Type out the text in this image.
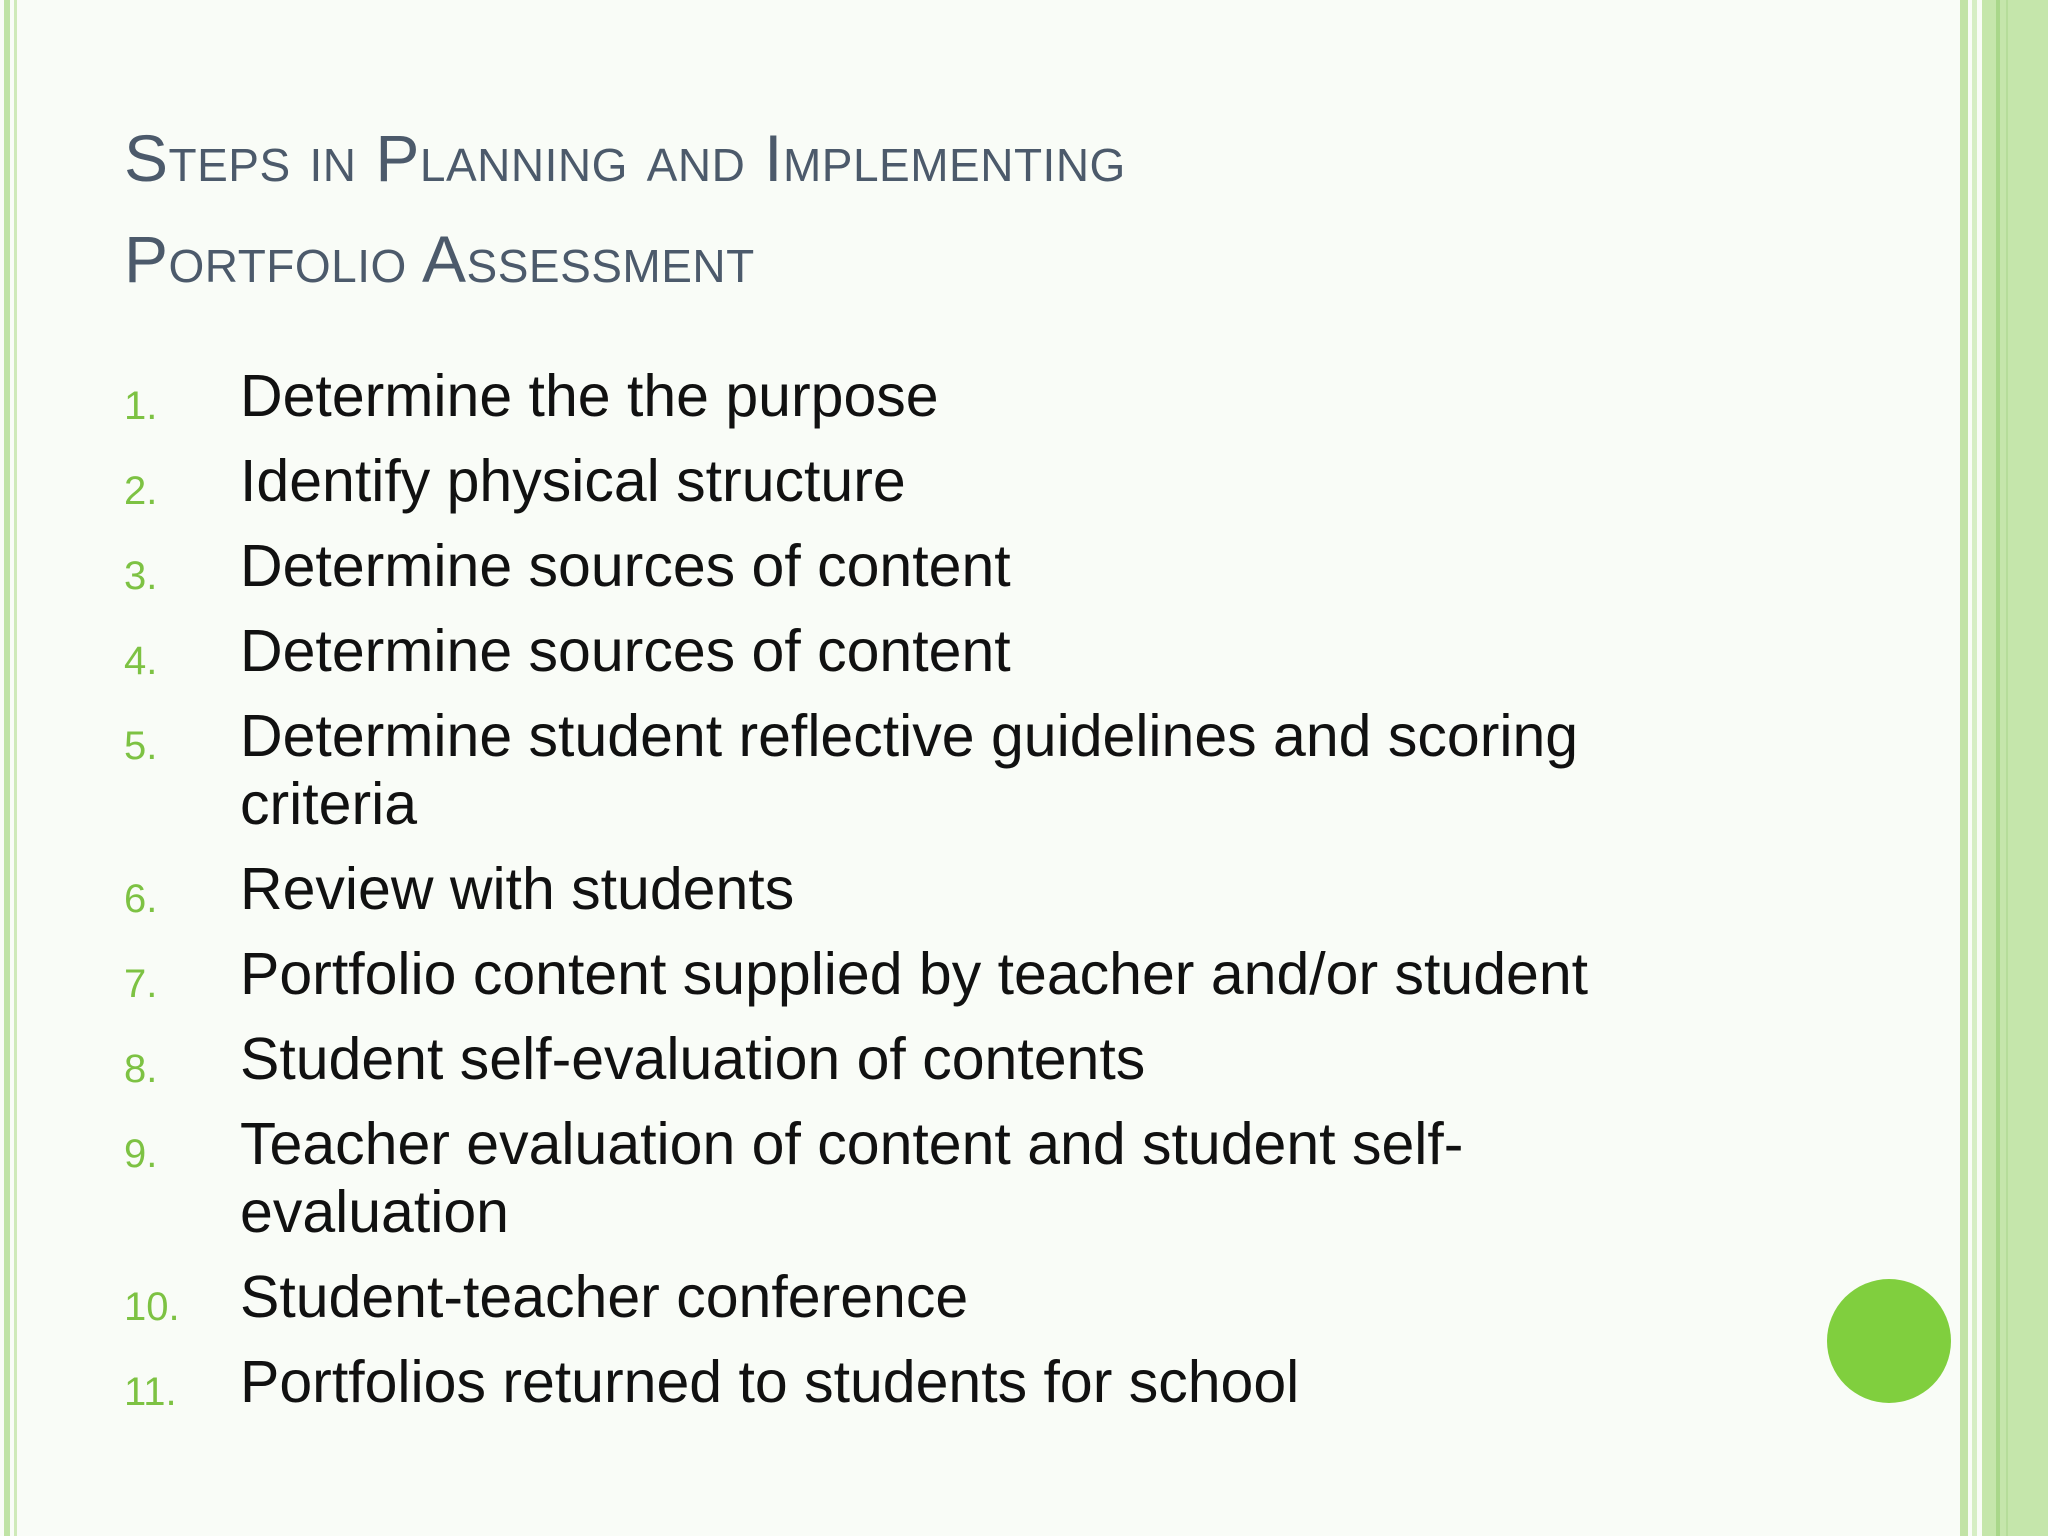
Steps in Planning and Implementing
Portfolio Assessment
1. Determine the the purpose
2. Identify physical structure
3. Determine sources of content
4. Determine sources of content
5. Determine student reflective guidelines and scoring criteria
6. Review with students
7. Portfolio content supplied by teacher and/or student
8. Student self-evaluation of contents
9. Teacher evaluation of content and student self-evaluation
10. Student-teacher conference
11. Portfolios returned to students for school
